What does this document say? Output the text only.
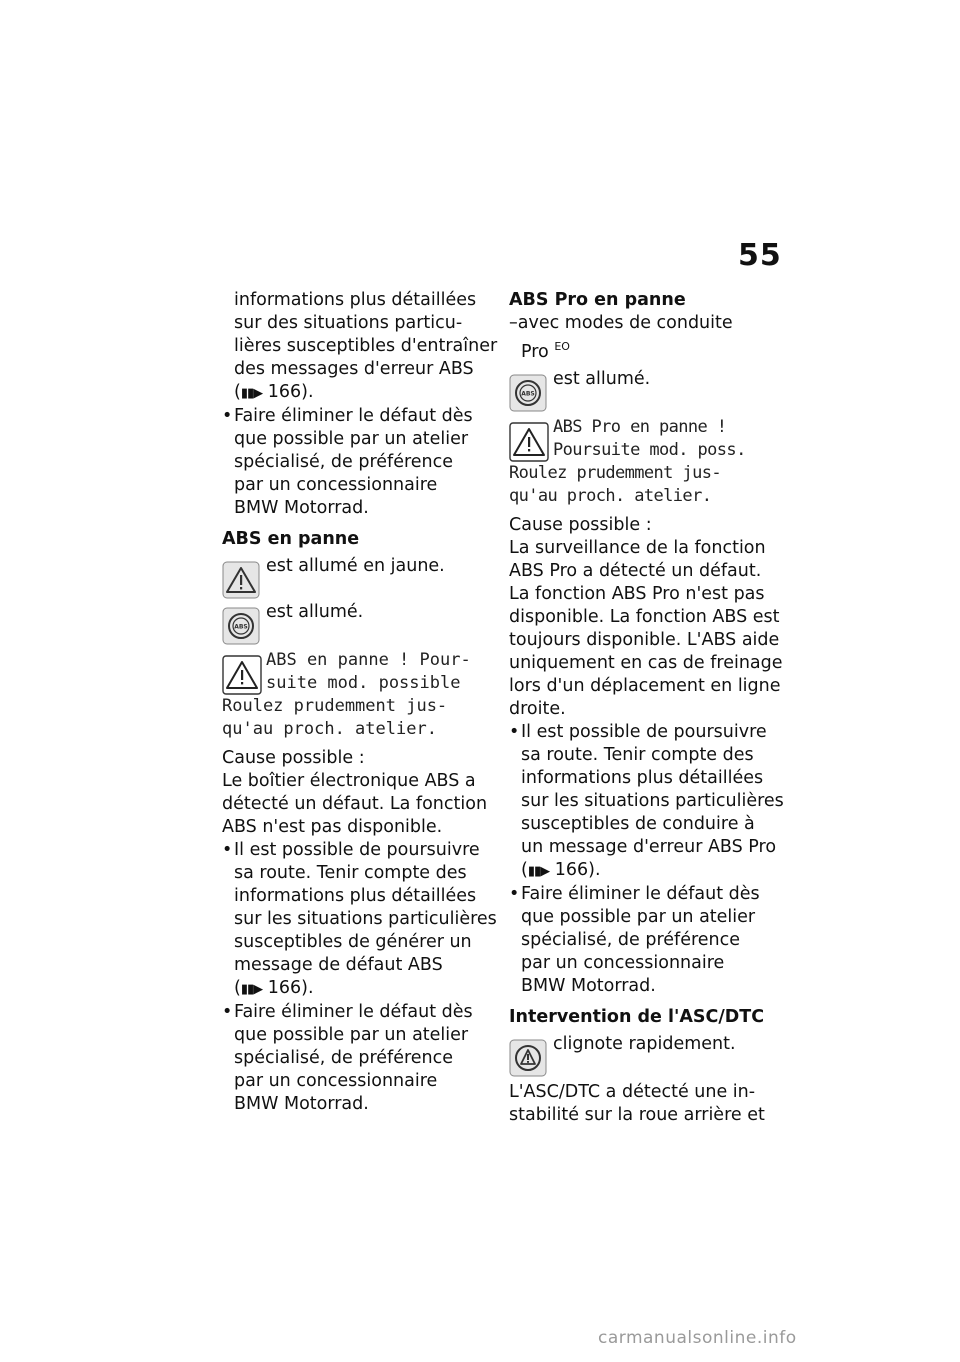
55
informations plus détaillées
sur des situations particu-
lières susceptibles d'entraîner
des messages d'erreur ABS
(▮▮▶ 166).
•Faire éliminer le défaut dès
que possible par un atelier
spécialisé, de préférence
par un concessionnaire
BMW Motorrad.
ABS en panne
est allumé en jaune.
ABS
est allumé.
ABS en panne ! Pour-
suite mod. possible
Roulez prudemment jus-
qu'au proch. atelier.
Cause possible :
Le boîtier électronique ABS a
détecté un défaut. La fonction
ABS n'est pas disponible.
•Il est possible de poursuivre
sa route. Tenir compte des
informations plus détaillées
sur les situations particulières
susceptibles de générer un
message de défaut ABS
(▮▮▶ 166).
•Faire éliminer le défaut dès
que possible par un atelier
spécialisé, de préférence
par un concessionnaire
BMW Motorrad.
ABS Pro en panne
–avec modes de conduite
Pro $^{EO}$
ABS
est allumé.
ABS Pro en panne !
Poursuite mod. poss.
Roulez prudemment jus-
qu'au proch. atelier.
Cause possible :
La surveillance de la fonction
ABS Pro a détecté un défaut.
La fonction ABS Pro n'est pas
disponible. La fonction ABS est
toujours disponible. L'ABS aide
uniquement en cas de freinage
lors d'un déplacement en ligne
droite.
•Il est possible de poursuivre
sa route. Tenir compte des
informations plus détaillées
sur les situations particulières
susceptibles de conduire à
un message d'erreur ABS Pro
(▮▮▶ 166).
•Faire éliminer le défaut dès
que possible par un atelier
spécialisé, de préférence
par un concessionnaire
BMW Motorrad.
Intervention de l'ASC/DTC
clignote rapidement.
L'ASC/DTC a détecté une in-
stabilité sur la roue arrière et
carmanualsonline.info
